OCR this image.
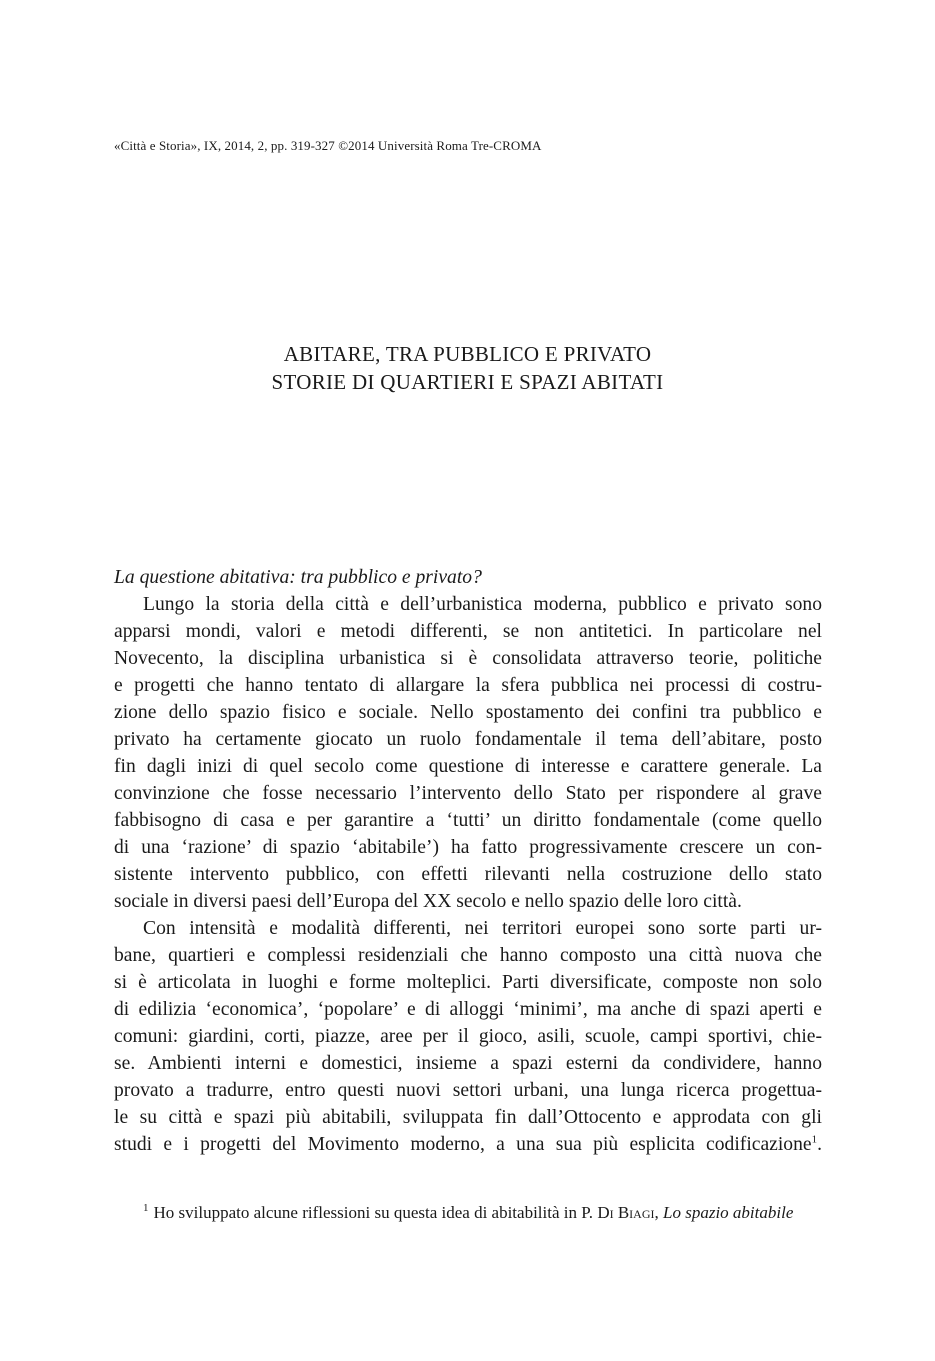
«Città e Storia», IX, 2014, 2, pp. 319-327 ©2014 Università Roma Tre-CROMA
ABITARE, TRA PUBBLICO E PRIVATO
STORIE DI QUARTIERI E SPAZI ABITATI
La questione abitativa: tra pubblico e privato?
Lungo la storia della città e dell’urbanistica moderna, pubblico e privato sono
apparsi mondi, valori e metodi differenti, se non antitetici. In particolare nel
Novecento, la disciplina urbanistica si è consolidata attraverso teorie, politiche
e progetti che hanno tentato di allargare la sfera pubblica nei processi di costru-
zione dello spazio fisico e sociale. Nello spostamento dei confini tra pubblico e
privato ha certamente giocato un ruolo fondamentale il tema dell’abitare, posto
fin dagli inizi di quel secolo come questione di interesse e carattere generale. La
convinzione che fosse necessario l’intervento dello Stato per rispondere al grave
fabbisogno di casa e per garantire a ‘tutti’ un diritto fondamentale (come quello
di una ‘razione’ di spazio ‘abitabile’) ha fatto progressivamente crescere un con-
sistente intervento pubblico, con effetti rilevanti nella costruzione dello stato
sociale in diversi paesi dell’Europa del XX secolo e nello spazio delle loro città.
Con intensità e modalità differenti, nei territori europei sono sorte parti ur-
bane, quartieri e complessi residenziali che hanno composto una città nuova che
si è articolata in luoghi e forme molteplici. Parti diversificate, composte non solo
di edilizia ‘economica’, ‘popolare’ e di alloggi ‘minimi’, ma anche di spazi aperti e
comuni: giardini, corti, piazze, aree per il gioco, asili, scuole, campi sportivi, chie-
se. Ambienti interni e domestici, insieme a spazi esterni da condividere, hanno
provato a tradurre, entro questi nuovi settori urbani, una lunga ricerca progettua-
le su città e spazi più abitabili, sviluppata fin dall’Ottocento e approdata con gli
studi e i progetti del Movimento moderno, a una sua più esplicita codificazione$^1$.
$^1$ Ho sviluppato alcune riflessioni su questa idea di abitabilità in P. Di Biagi, Lo spazio abitabile
